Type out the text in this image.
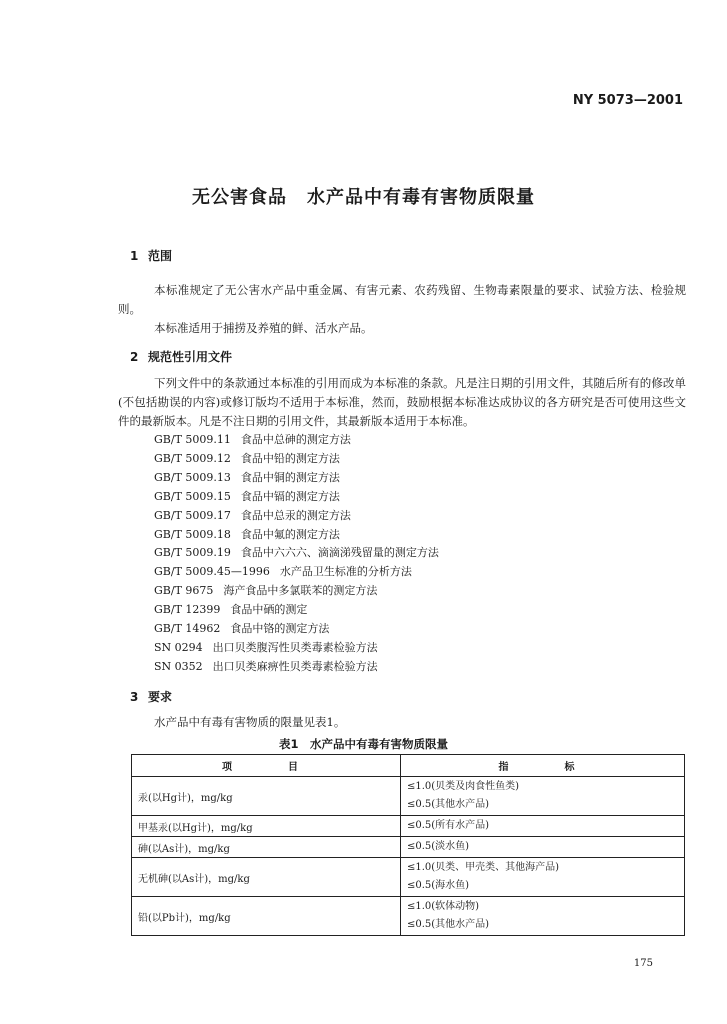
NY 5073—2001
无公害食品 水产品中有毒有害物质限量
1 范围
本标准规定了无公害水产品中重金属、有害元素、农药残留、生物毒素限量的要求、试验方法、检验规则。
本标准适用于捕捞及养殖的鲜、活水产品。
2 规范性引用文件
下列文件中的条款通过本标准的引用而成为本标准的条款。凡是注日期的引用文件，其随后所有的修改单(不包括勘误的内容)或修订版均不适用于本标准，然而，鼓励根据本标准达成协议的各方研究是否可使用这些文件的最新版本。凡是不注日期的引用文件，其最新版本适用于本标准。
GB/T 5009.11 食品中总砷的测定方法
GB/T 5009.12 食品中铅的测定方法
GB/T 5009.13 食品中铜的测定方法
GB/T 5009.15 食品中镉的测定方法
GB/T 5009.17 食品中总汞的测定方法
GB/T 5009.18 食品中氟的测定方法
GB/T 5009.19 食品中六六六、滴滴涕残留量的测定方法
GB/T 5009.45—1996 水产品卫生标准的分析方法
GB/T 9675 海产食品中多氯联苯的测定方法
GB/T 12399 食品中硒的测定
GB/T 14962 食品中铬的测定方法
SN 0294 出口贝类腹泻性贝类毒素检验方法
SN 0352 出口贝类麻痹性贝类毒素检验方法
3 要求
水产品中有毒有害物质的限量见表1。
表1　水产品中有毒有害物质限量
项　　目	指　　标
汞(以Hg计)，mg/kg	≤1.0(贝类及肉食性鱼类)
≤0.5(其他水产品)

甲基汞(以Hg计)，mg/kg	≤0.5(所有水产品)

砷(以As计)，mg/kg	≤0.5(淡水鱼)

无机砷(以As计)，mg/kg	≤1.0(贝类、甲壳类、其他海产品)
≤0.5(海水鱼)

铅(以Pb计)，mg/kg	≤1.0(软体动物)
≤0.5(其他水产品)
175
